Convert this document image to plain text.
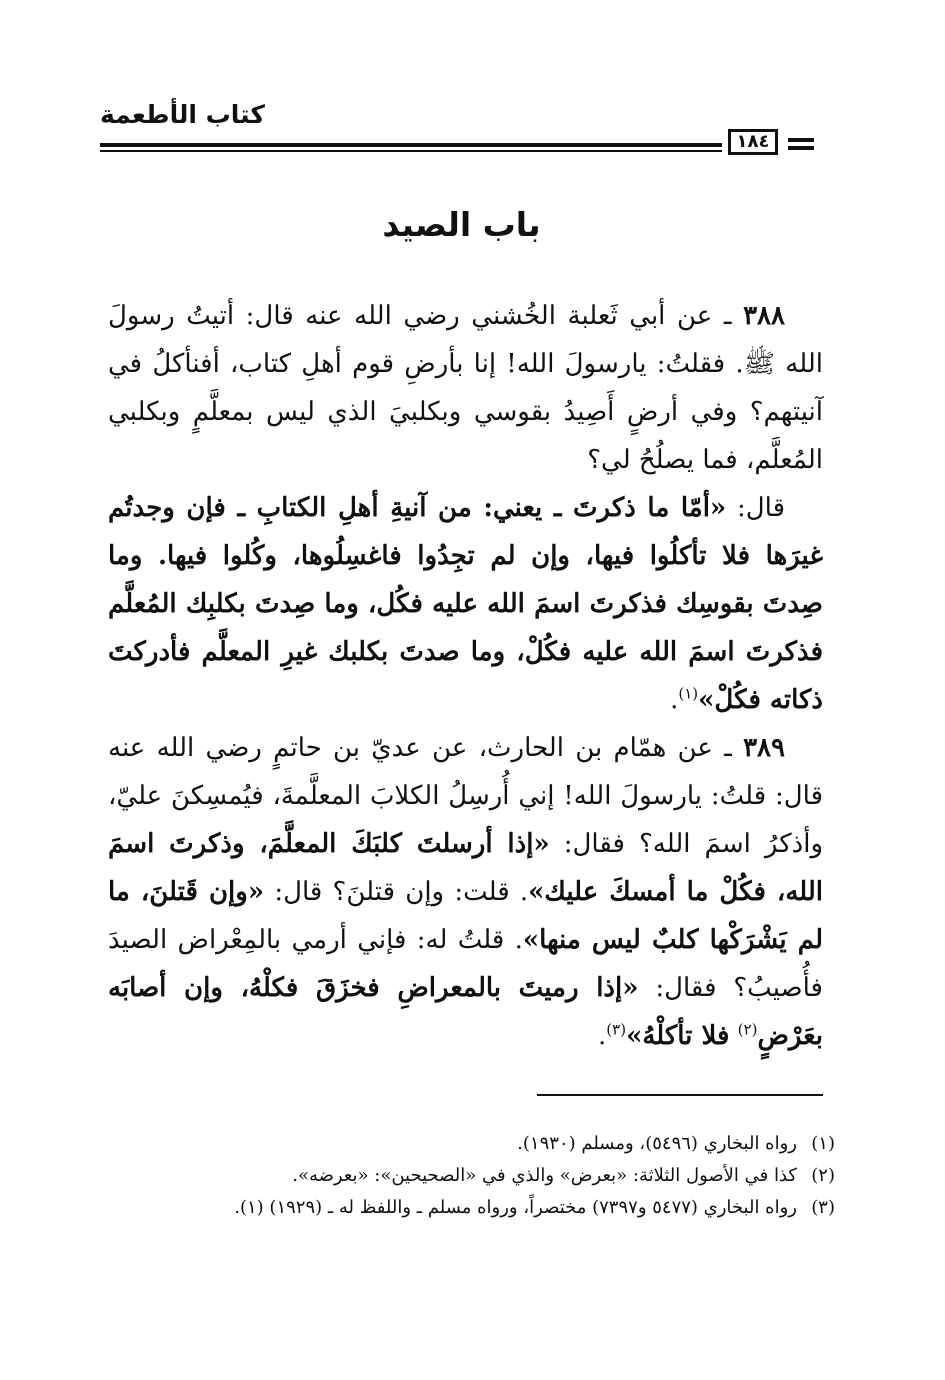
كتاب الأطعمة
١٨٤
باب الصيد

٣٨٨ ـ عن أبي ثَعلبة الخُشني رضي الله عنه قال: أتيتُ رسولَ الله ﷺ. فقلتُ: يارسولَ الله! إنا بأرضِ قوم أهلِ كتاب، أفنأكلُ في آنيتهم؟ وفي أرضٍ أَصِيدُ بقوسي وبكلبيَ الذي ليس بمعلَّمٍ وبكلبي المُعلَّم، فما يصلُحُ لي؟

قال: «أمّا ما ذكرتَ ـ يعني: من آنيةِ أهلِ الكتابِ ـ فإن وجدتُم غيرَها فلا تأكلُوا فيها، وإن لم تجِدُوا فاغسِلُوها، وكُلوا فيها. وما صِدتَ بقوسِك فذكرتَ اسمَ الله عليه فكُل، وما صِدتَ بكلبِك المُعلَّم فذكرتَ اسمَ الله عليه فكُلْ، وما صدتَ بكلبك غيرِ المعلَّم فأدركتَ ذكاته فكُلْ»$^{(١)}$.

٣٨٩ ـ عن همّام بن الحارث، عن عديّ بن حاتمٍ رضي الله عنه قال: قلتُ: يارسولَ الله! إني أُرسِلُ الكلابَ المعلَّمةَ، فيُمسِكنَ عليّ، وأذكرُ اسمَ الله؟ فقال: «إذا أرسلتَ كلبَكَ المعلَّمَ، وذكرتَ اسمَ الله، فكُلْ ما أمسكَ عليك». قلت: وإن قتلنَ؟ قال: «وإن قَتلنَ، ما لم يَشْرَكْها كلبٌ ليس منها». قلتُ له: فإني أرمي بالمِعْراض الصيدَ فأُصيبُ؟ فقال: «إذا رميتَ بالمعراضِ فخزَقَ فكلْهُ، وإن أصابَه بعَرْضٍ$^{(٢)}$ فلا تأكلْهُ»$^{(٣)}$.

(١)رواه البخاري (٥٤٩٦)، ومسلم (١٩٣٠).

(٢)كذا في الأصول الثلاثة: «بعرض» والذي في «الصحيحين»: «بعرضه».

(٣)رواه البخاري (٥٤٧٧ و٧٣٩٧) مختصراً، ورواه مسلم ـ واللفظ له ـ (١٩٢٩) (١).
